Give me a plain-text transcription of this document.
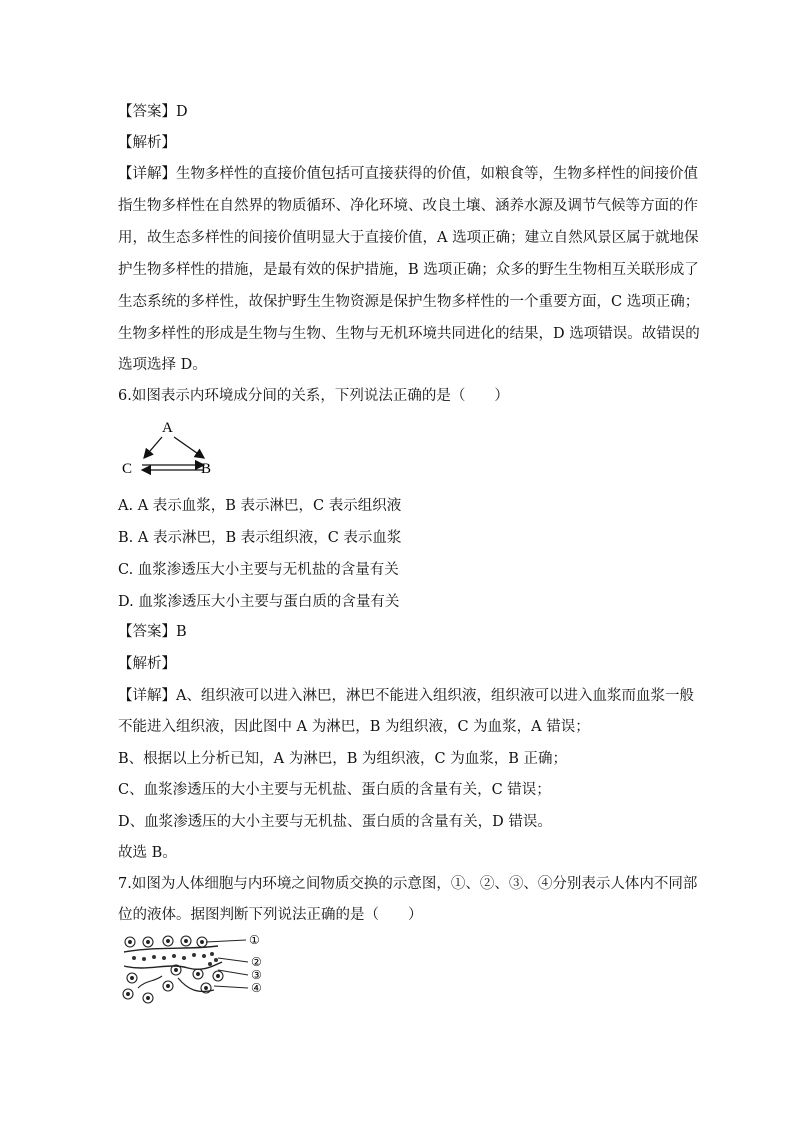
【答案】D
【解析】
【详解】生物多样性的直接价值包括可直接获得的价值，如粮食等，生物多样性的间接价值
指生物多样性在自然界的物质循环、净化环境、改良土壤、涵养水源及调节气候等方面的作
用，故生态多样性的间接价值明显大于直接价值，A 选项正确；建立自然风景区属于就地保
护生物多样性的措施，是最有效的保护措施，B 选项正确；众多的野生生物相互关联形成了
生态系统的多样性，故保护野生生物资源是保护生物多样性的一个重要方面，C 选项正确；
生物多样性的形成是生物与生物、生物与无机环境共同进化的结果，D 选项错误。故错误的
选项选择 D。
6.如图表示内环境成分间的关系，下列说法正确的是（　　）
A
B
C
A. A 表示血浆，B 表示淋巴，C 表示组织液
B. A 表示淋巴，B 表示组织液，C 表示血浆
C. 血浆渗透压大小主要与无机盐的含量有关
D. 血浆渗透压大小主要与蛋白质的含量有关
【答案】B
【解析】
【详解】A、组织液可以进入淋巴，淋巴不能进入组织液，组织液可以进入血浆而血浆一般
不能进入组织液，因此图中 A 为淋巴，B 为组织液，C 为血浆，A 错误；
B、根据以上分析已知，A 为淋巴，B 为组织液，C 为血浆，B 正确；
C、血浆渗透压的大小主要与无机盐、蛋白质的含量有关，C 错误；
D、血浆渗透压的大小主要与无机盐、蛋白质的含量有关，D 错误。
故选 B。
7.如图为人体细胞与内环境之间物质交换的示意图，①、②、③、④分别表示人体内不同部
位的液体。据图判断下列说法正确的是（　　）
①
②
③
④
